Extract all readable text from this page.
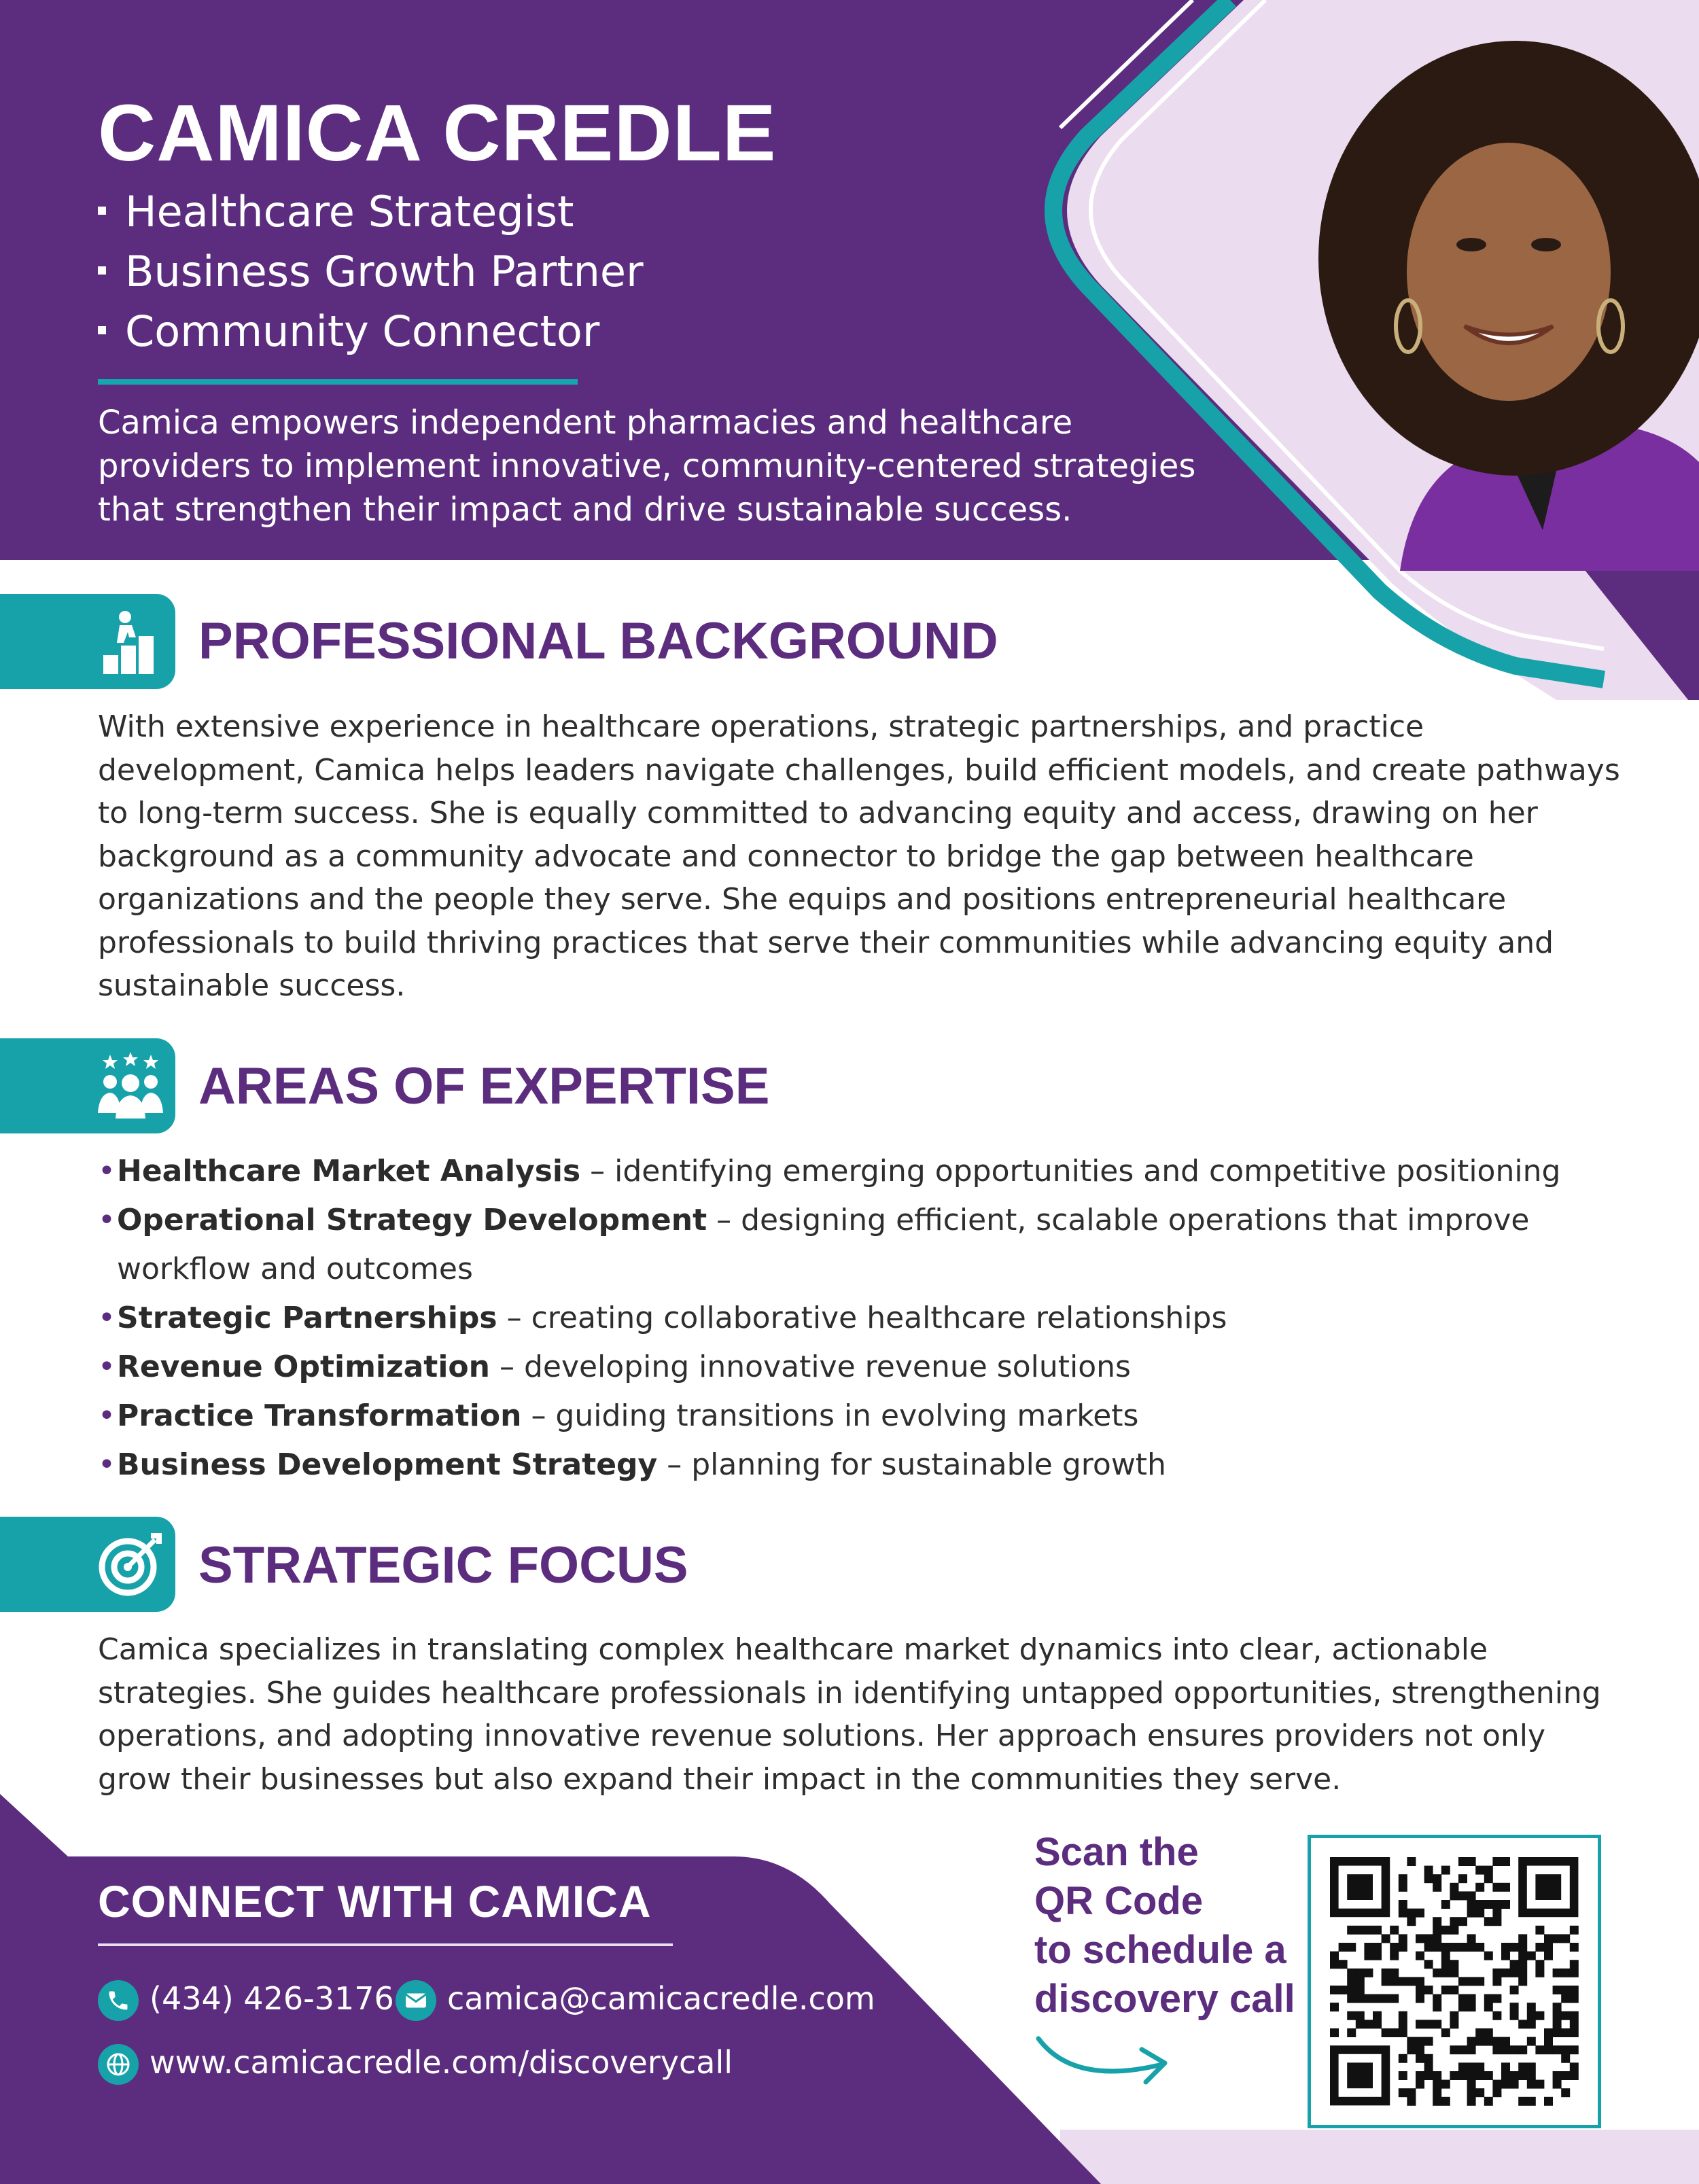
CAMICA CREDLE
Healthcare Strategist
Business Growth Partner
Community Connector
Camica empowers independent pharmacies and healthcare providers to implement innovative, community-centered strategies that strengthen their impact and drive sustainable success.
PROFESSIONAL BACKGROUND
With extensive experience in healthcare operations, strategic partnerships, and practice development, Camica helps leaders navigate challenges, build efficient models, and create pathways to long-term success. She is equally committed to advancing equity and access, drawing on her background as a community advocate and connector to bridge the gap between healthcare organizations and the people they serve. She equips and positions entrepreneurial healthcare professionals to build thriving practices that serve their communities while advancing equity and sustainable success.
AREAS OF EXPERTISE
• Healthcare Market Analysis – identifying emerging opportunities and competitive positioning
• Operational Strategy Development – designing efficient, scalable operations that improve workflow and outcomes
• Strategic Partnerships – creating collaborative healthcare relationships
• Revenue Optimization – developing innovative revenue solutions
• Practice Transformation – guiding transitions in evolving markets
• Business Development Strategy – planning for sustainable growth
STRATEGIC FOCUS
Camica specializes in translating complex healthcare market dynamics into clear, actionable strategies. She guides healthcare professionals in identifying untapped opportunities, strengthening operations, and adopting innovative revenue solutions. Her approach ensures providers not only grow their businesses but also expand their impact in the communities they serve.
CONNECT WITH CAMICA
(434) 426-3176 camica@camicacredle.com
www.camicacredle.com/discoverycall
Scan the
QR Code
to schedule a
discovery call
